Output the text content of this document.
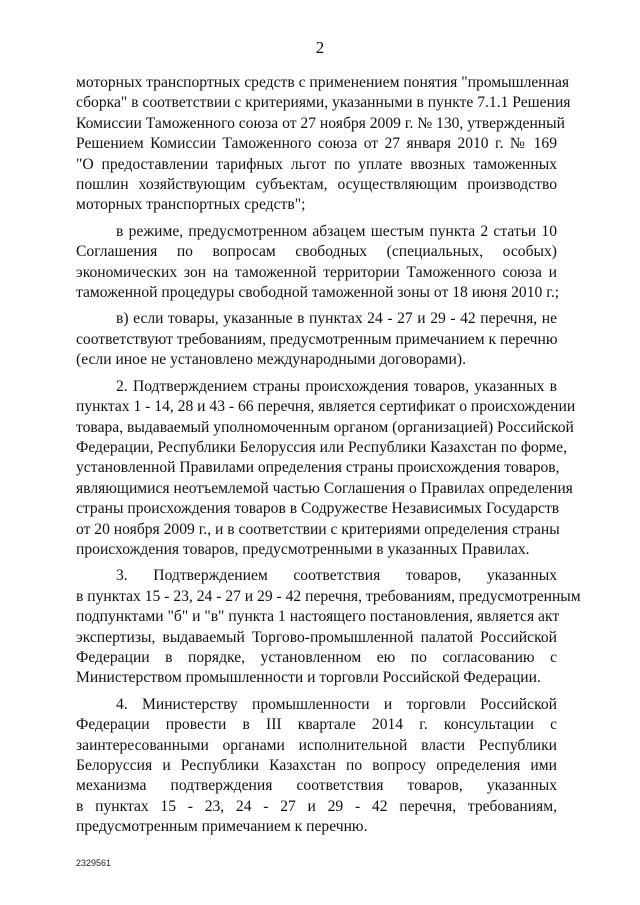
2
моторных транспортных средств с применением понятия "промышленная
сборка" в соответствии с критериями, указанными в пункте 7.1.1 Решения
Комиссии Таможенного союза от 27 ноября 2009 г. № 130, утвержденный
Решением Комиссии Таможенного союза от 27 января 2010 г. № 169
"О предоставлении тарифных льгот по уплате ввозных таможенных
пошлин хозяйствующим субъектам, осуществляющим производство
моторных транспортных средств";
в режиме, предусмотренном абзацем шестым пункта 2 статьи 10
Соглашения по вопросам свободных (специальных, особых)
экономических зон на таможенной территории Таможенного союза и
таможенной процедуры свободной таможенной зоны от 18 июня 2010 г.;
в) если товары, указанные в пунктах 24 - 27 и 29 - 42 перечня, не
соответствуют требованиям, предусмотренным примечанием к перечню
(если иное не установлено международными договорами).
2. Подтверждением страны происхождения товаров, указанных в
пунктах 1 - 14, 28 и 43 - 66 перечня, является сертификат о происхождении
товара, выдаваемый уполномоченным органом (организацией) Российской
Федерации, Республики Белоруссия или Республики Казахстан по форме,
установленной Правилами определения страны происхождения товаров,
являющимися неотъемлемой частью Соглашения о Правилах определения
страны происхождения товаров в Содружестве Независимых Государств
от 20 ноября 2009 г., и в соответствии с критериями определения страны
происхождения товаров, предусмотренными в указанных Правилах.
3. Подтверждением соответствия товаров, указанных
в пунктах 15 - 23, 24 - 27 и 29 - 42 перечня, требованиям, предусмотренным
подпунктами "б" и "в" пункта 1 настоящего постановления, является акт
экспертизы, выдаваемый Торгово-промышленной палатой Российской
Федерации в порядке, установленном ею по согласованию с
Министерством промышленности и торговли Российской Федерации.
4. Министерству промышленности и торговли Российской
Федерации провести в III квартале 2014 г. консультации с
заинтересованными органами исполнительной власти Республики
Белоруссия и Республики Казахстан по вопросу определения ими
механизма подтверждения соответствия товаров, указанных
в пунктах 15 - 23, 24 - 27 и 29 - 42 перечня, требованиям,
предусмотренным примечанием к перечню.
2329561
